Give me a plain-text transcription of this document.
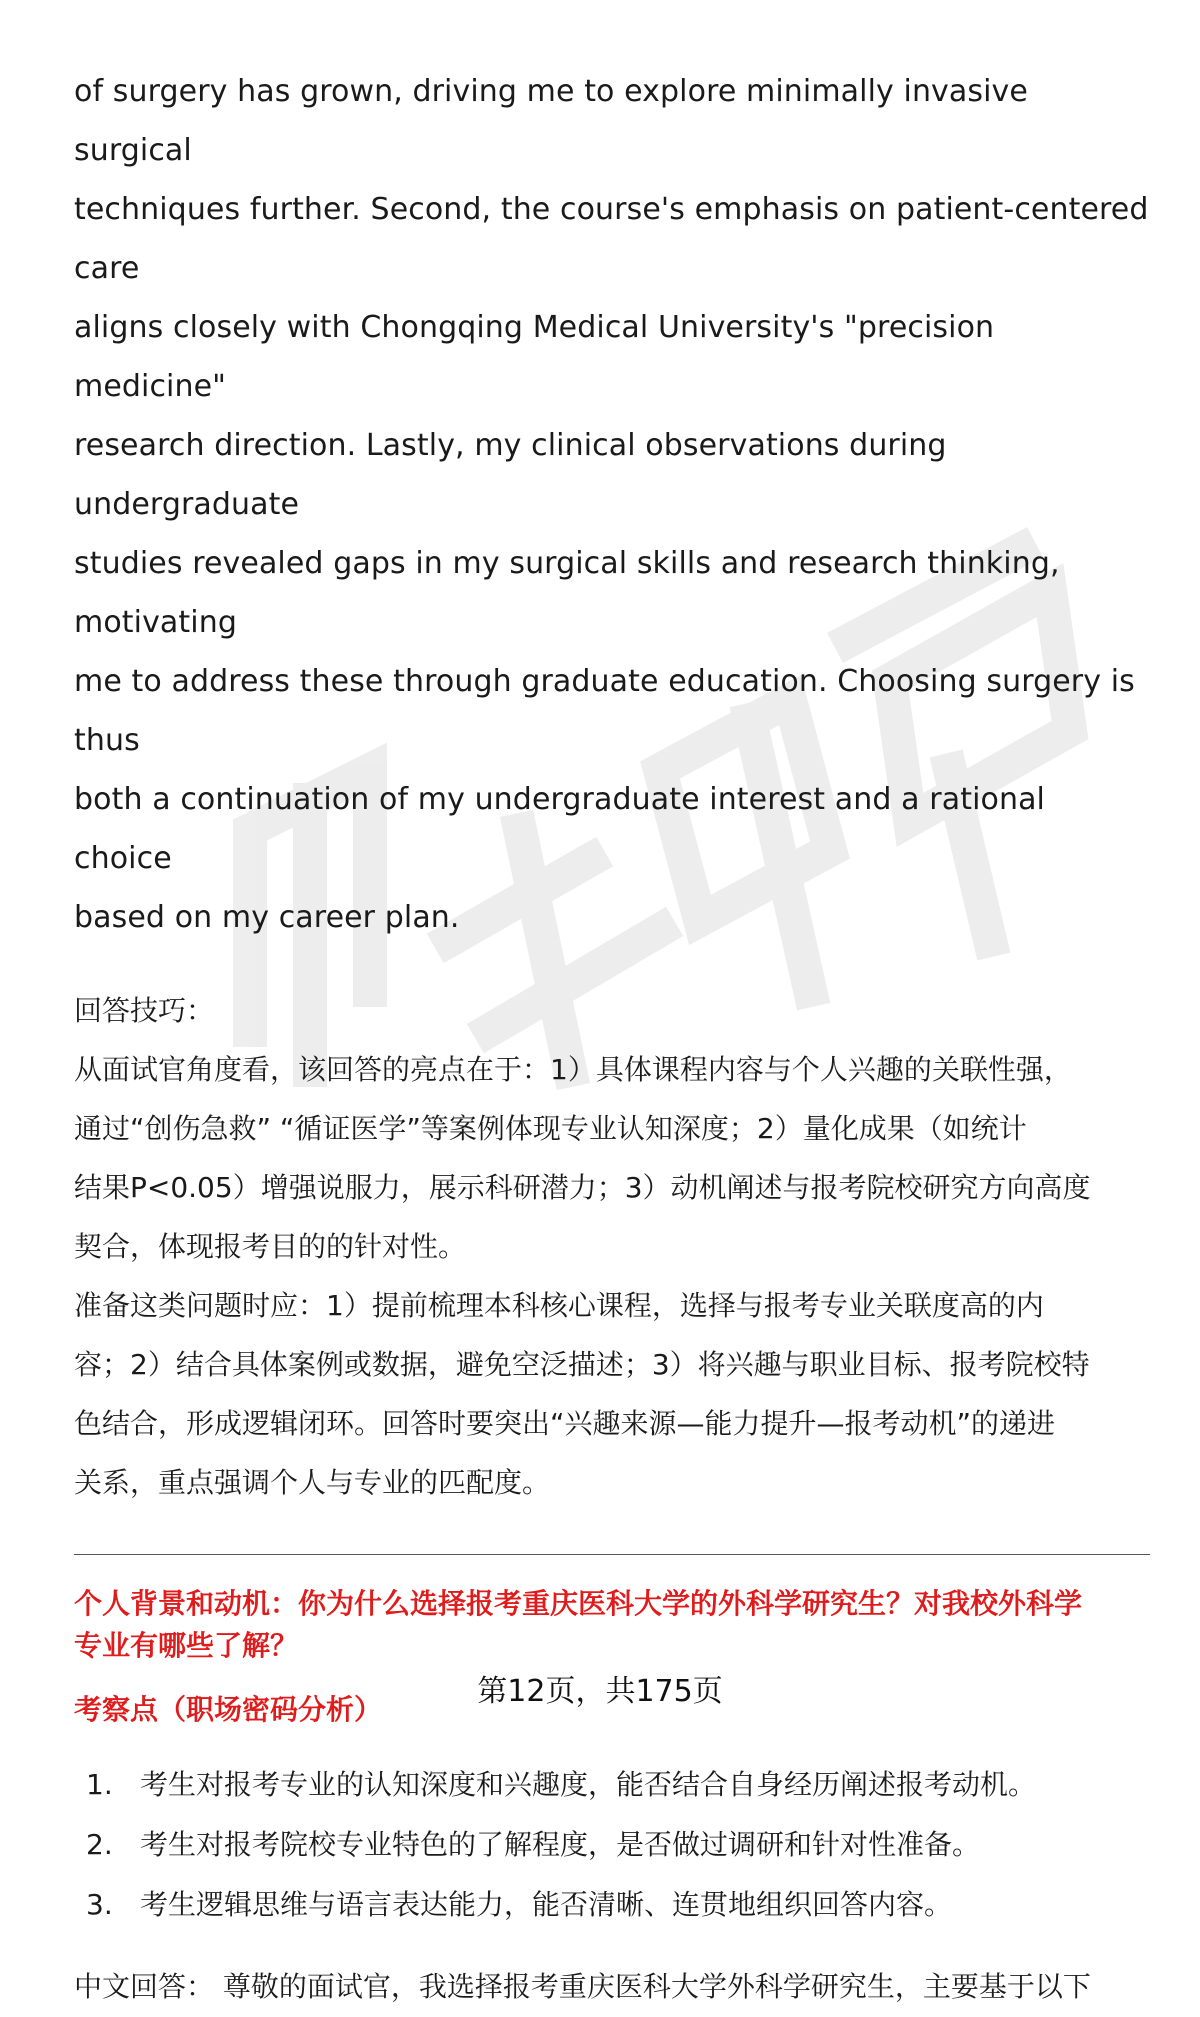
of surgery has grown, driving me to explore minimally invasive surgical

techniques further. Second, the course's emphasis on patient-centered care

aligns closely with Chongqing Medical University's "precision medicine"

research direction. Lastly, my clinical observations during undergraduate

studies revealed gaps in my surgical skills and research thinking, motivating

me to address these through graduate education. Choosing surgery is thus

both a continuation of my undergraduate interest and a rational choice

based on my career plan.

回答技巧：

从面试官角度看，该回答的亮点在于：1）具体课程内容与个人兴趣的关联性强，

通过“创伤急救” “循证医学”等案例体现专业认知深度；2）量化成果（如统计

结果P<0.05）增强说服力，展示科研潜力；3）动机阐述与报考院校研究方向高度

契合，体现报考目的的针对性。

准备这类问题时应：1）提前梳理本科核心课程，选择与报考专业关联度高的内

容；2）结合具体案例或数据，避免空泛描述；3）将兴趣与职业目标、报考院校特

色结合，形成逻辑闭环。回答时要突出“兴趣来源—能力提升—报考动机”的递进

关系，重点强调个人与专业的匹配度。

个人背景和动机：你为什么选择报考重庆医科大学的外科学研究生？对我校外科学
专业有哪些了解？
考察点（职场密码分析）
1. 考生对报考专业的认知深度和兴趣度，能否结合自身经历阐述报考动机。
2. 考生对报考院校专业特色的了解程度，是否做过调研和针对性准备。
3. 考生逻辑思维与语言表达能力，能否清晰、连贯地组织回答内容。
中文回答： 尊敬的面试官，我选择报考重庆医科大学外科学研究生，主要基于以下
第12页，共175页
